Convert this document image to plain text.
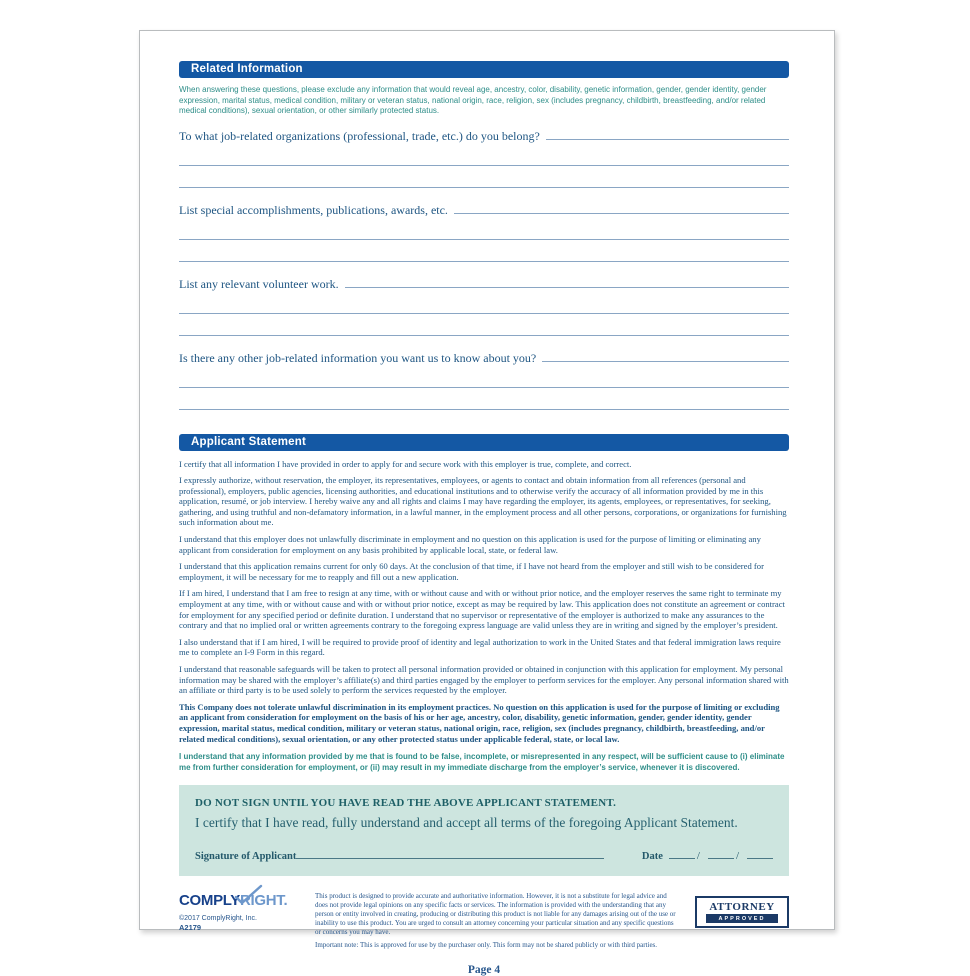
Related Information

When answering these questions, please exclude any information that would reveal age, ancestry, color, disability, genetic information, gender, gender identity, gender expression, marital status, medical condition, military or veteran status, national origin, race, religion, sex (includes pregnancy, childbirth, breastfeeding, and/or related medical conditions), sexual orientation, or other similarly protected status.

To what job-related organizations (professional, trade, etc.) do you belong?
List special accomplishments, publications, awards, etc.
List any relevant volunteer work.
Is there any other job-related information you want us to know about you?
Applicant Statement

I certify that all information I have provided in order to apply for and secure work with this employer is true, complete, and correct.

I expressly authorize, without reservation, the employer, its representatives, employees, or agents to contact and obtain information from all references (personal and professional), employers, public agencies, licensing authorities, and educational institutions and to otherwise verify the accuracy of all information provided by me in this application, resumé, or job interview. I hereby waive any and all rights and claims I may have regarding the employer, its agents, employees, or representatives, for seeking, gathering, and using truthful and non-defamatory information, in a lawful manner, in the employment process and all other persons, corporations, or organizations for furnishing such information about me.

I understand that this employer does not unlawfully discriminate in employment and no question on this application is used for the purpose of limiting or eliminating any applicant from consideration for employment on any basis prohibited by applicable local, state, or federal law.

I understand that this application remains current for only 60 days. At the conclusion of that time, if I have not heard from the employer and still wish to be considered for employment, it will be necessary for me to reapply and fill out a new application.

If I am hired, I understand that I am free to resign at any time, with or without cause and with or without prior notice, and the employer reserves the same right to terminate my employment at any time, with or without cause and with or without prior notice, except as may be required by law. This application does not constitute an agreement or contract for employment for any specified period or definite duration. I understand that no supervisor or representative of the employer is authorized to make any assurances to the contrary and that no implied oral or written agreements contrary to the foregoing express language are valid unless they are in writing and signed by the employer’s president.

I also understand that if I am hired, I will be required to provide proof of identity and legal authorization to work in the United States and that federal immigration laws require me to complete an I-9 Form in this regard.

I understand that reasonable safeguards will be taken to protect all personal information provided or obtained in conjunction with this application for employment. My personal information may be shared with the employer’s affiliate(s) and third parties engaged by the employer to perform services for the employer. Any personal information shared with an affiliate or third party is to be used solely to perform the services requested by the employer.

This Company does not tolerate unlawful discrimination in its employment practices. No question on this application is used for the purpose of limiting or excluding an applicant from consideration for employment on the basis of his or her age, ancestry, color, disability, genetic information, gender, gender identity, gender expression, marital status, medical condition, military or veteran status, national origin, race, religion, sex (includes pregnancy, childbirth, breastfeeding, and/or related medical conditions), sexual orientation, or any other protected status under applicable federal, state, or local law.

I understand that any information provided by me that is found to be false, incomplete, or misrepresented in any respect, will be sufficient cause to (i) eliminate me from further consideration for employment, or (ii) may result in my immediate discharge from the employer’s service, whenever it is discovered.

DO NOT SIGN UNTIL YOU HAVE READ THE ABOVE APPLICANT STATEMENT.

I certify that I have read, fully understand and accept all terms of the foregoing Applicant Statement.

Signature of Applicant	Date	/	/
COMPLYRIGHT.
©2017 ComplyRight, Inc.
A2179

This product is designed to provide accurate and authoritative information. However, it is not a substitute for legal advice and does not provide legal opinions on any specific facts or services. The information is provided with the understanding that any person or entity involved in creating, producing or distributing this product is not liable for any damages arising out of the use or inability to use this product. You are urged to consult an attorney concerning your particular situation and any specific questions or concerns you may have.

Important note: This is approved for use by the purchaser only. This form may not be shared publicly or with third parties.

ATTORNEY
APPROVED
Page 4
